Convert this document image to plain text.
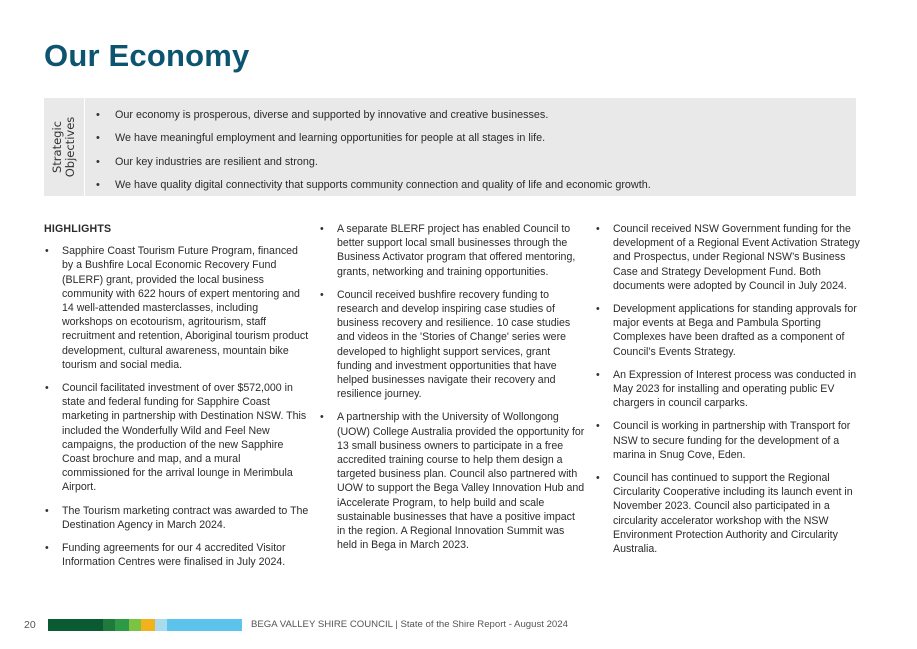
Our Economy
Strategic Objectives
• Our economy is prosperous, diverse and supported by innovative and creative businesses.
• We have meaningful employment and learning opportunities for people at all stages in life.
• Our key industries are resilient and strong.
• We have quality digital connectivity that supports community connection and quality of life and economic growth.
HIGHLIGHTS
• Sapphire Coast Tourism Future Program, financed by a Bushfire Local Economic Recovery Fund (BLERF) grant, provided the local business community with 622 hours of expert mentoring and 14 well-attended masterclasses, including workshops on ecotourism, agritourism, staff recruitment and retention, Aboriginal tourism product development, cultural awareness, mountain bike tourism and social media.
• Council facilitated investment of over $572,000 in state and federal funding for Sapphire Coast marketing in partnership with Destination NSW. This included the Wonderfully Wild and Feel New campaigns, the production of the new Sapphire Coast brochure and map, and a mural commissioned for the arrival lounge in Merimbula Airport.
• The Tourism marketing contract was awarded to The Destination Agency in March 2024.
• Funding agreements for our 4 accredited Visitor Information Centres were finalised in July 2024.
• A separate BLERF project has enabled Council to better support local small businesses through the Business Activator program that offered mentoring, grants, networking and training opportunities.
• Council received bushfire recovery funding to research and develop inspiring case studies of business recovery and resilience. 10 case studies and videos in the 'Stories of Change' series were developed to highlight support services, grant funding and investment opportunities that have helped businesses navigate their recovery and resilience journey.
• A partnership with the University of Wollongong (UOW) College Australia provided the opportunity for 13 small business owners to participate in a free accredited training course to help them design a targeted business plan. Council also partnered with UOW to support the Bega Valley Innovation Hub and iAccelerate Program, to help build and scale sustainable businesses that have a positive impact in the region. A Regional Innovation Summit was held in Bega in March 2023.
• Council received NSW Government funding for the development of a Regional Event Activation Strategy and Prospectus, under Regional NSW’s Business Case and Strategy Development Fund. Both documents were adopted by Council in July 2024.
• Development applications for standing approvals for major events at Bega and Pambula Sporting Complexes have been drafted as a component of Council’s Events Strategy.
• An Expression of Interest process was conducted in May 2023 for installing and operating public EV chargers in council carparks.
• Council is working in partnership with Transport for NSW to secure funding for the development of a marina in Snug Cove, Eden.
• Council has continued to support the Regional Circularity Cooperative including its launch event in November 2023. Council also participated in a circularity accelerator workshop with the NSW Environment Protection Authority and Circularity Australia.
20	BEGA VALLEY SHIRE COUNCIL | State of the Shire Report - August 2024
